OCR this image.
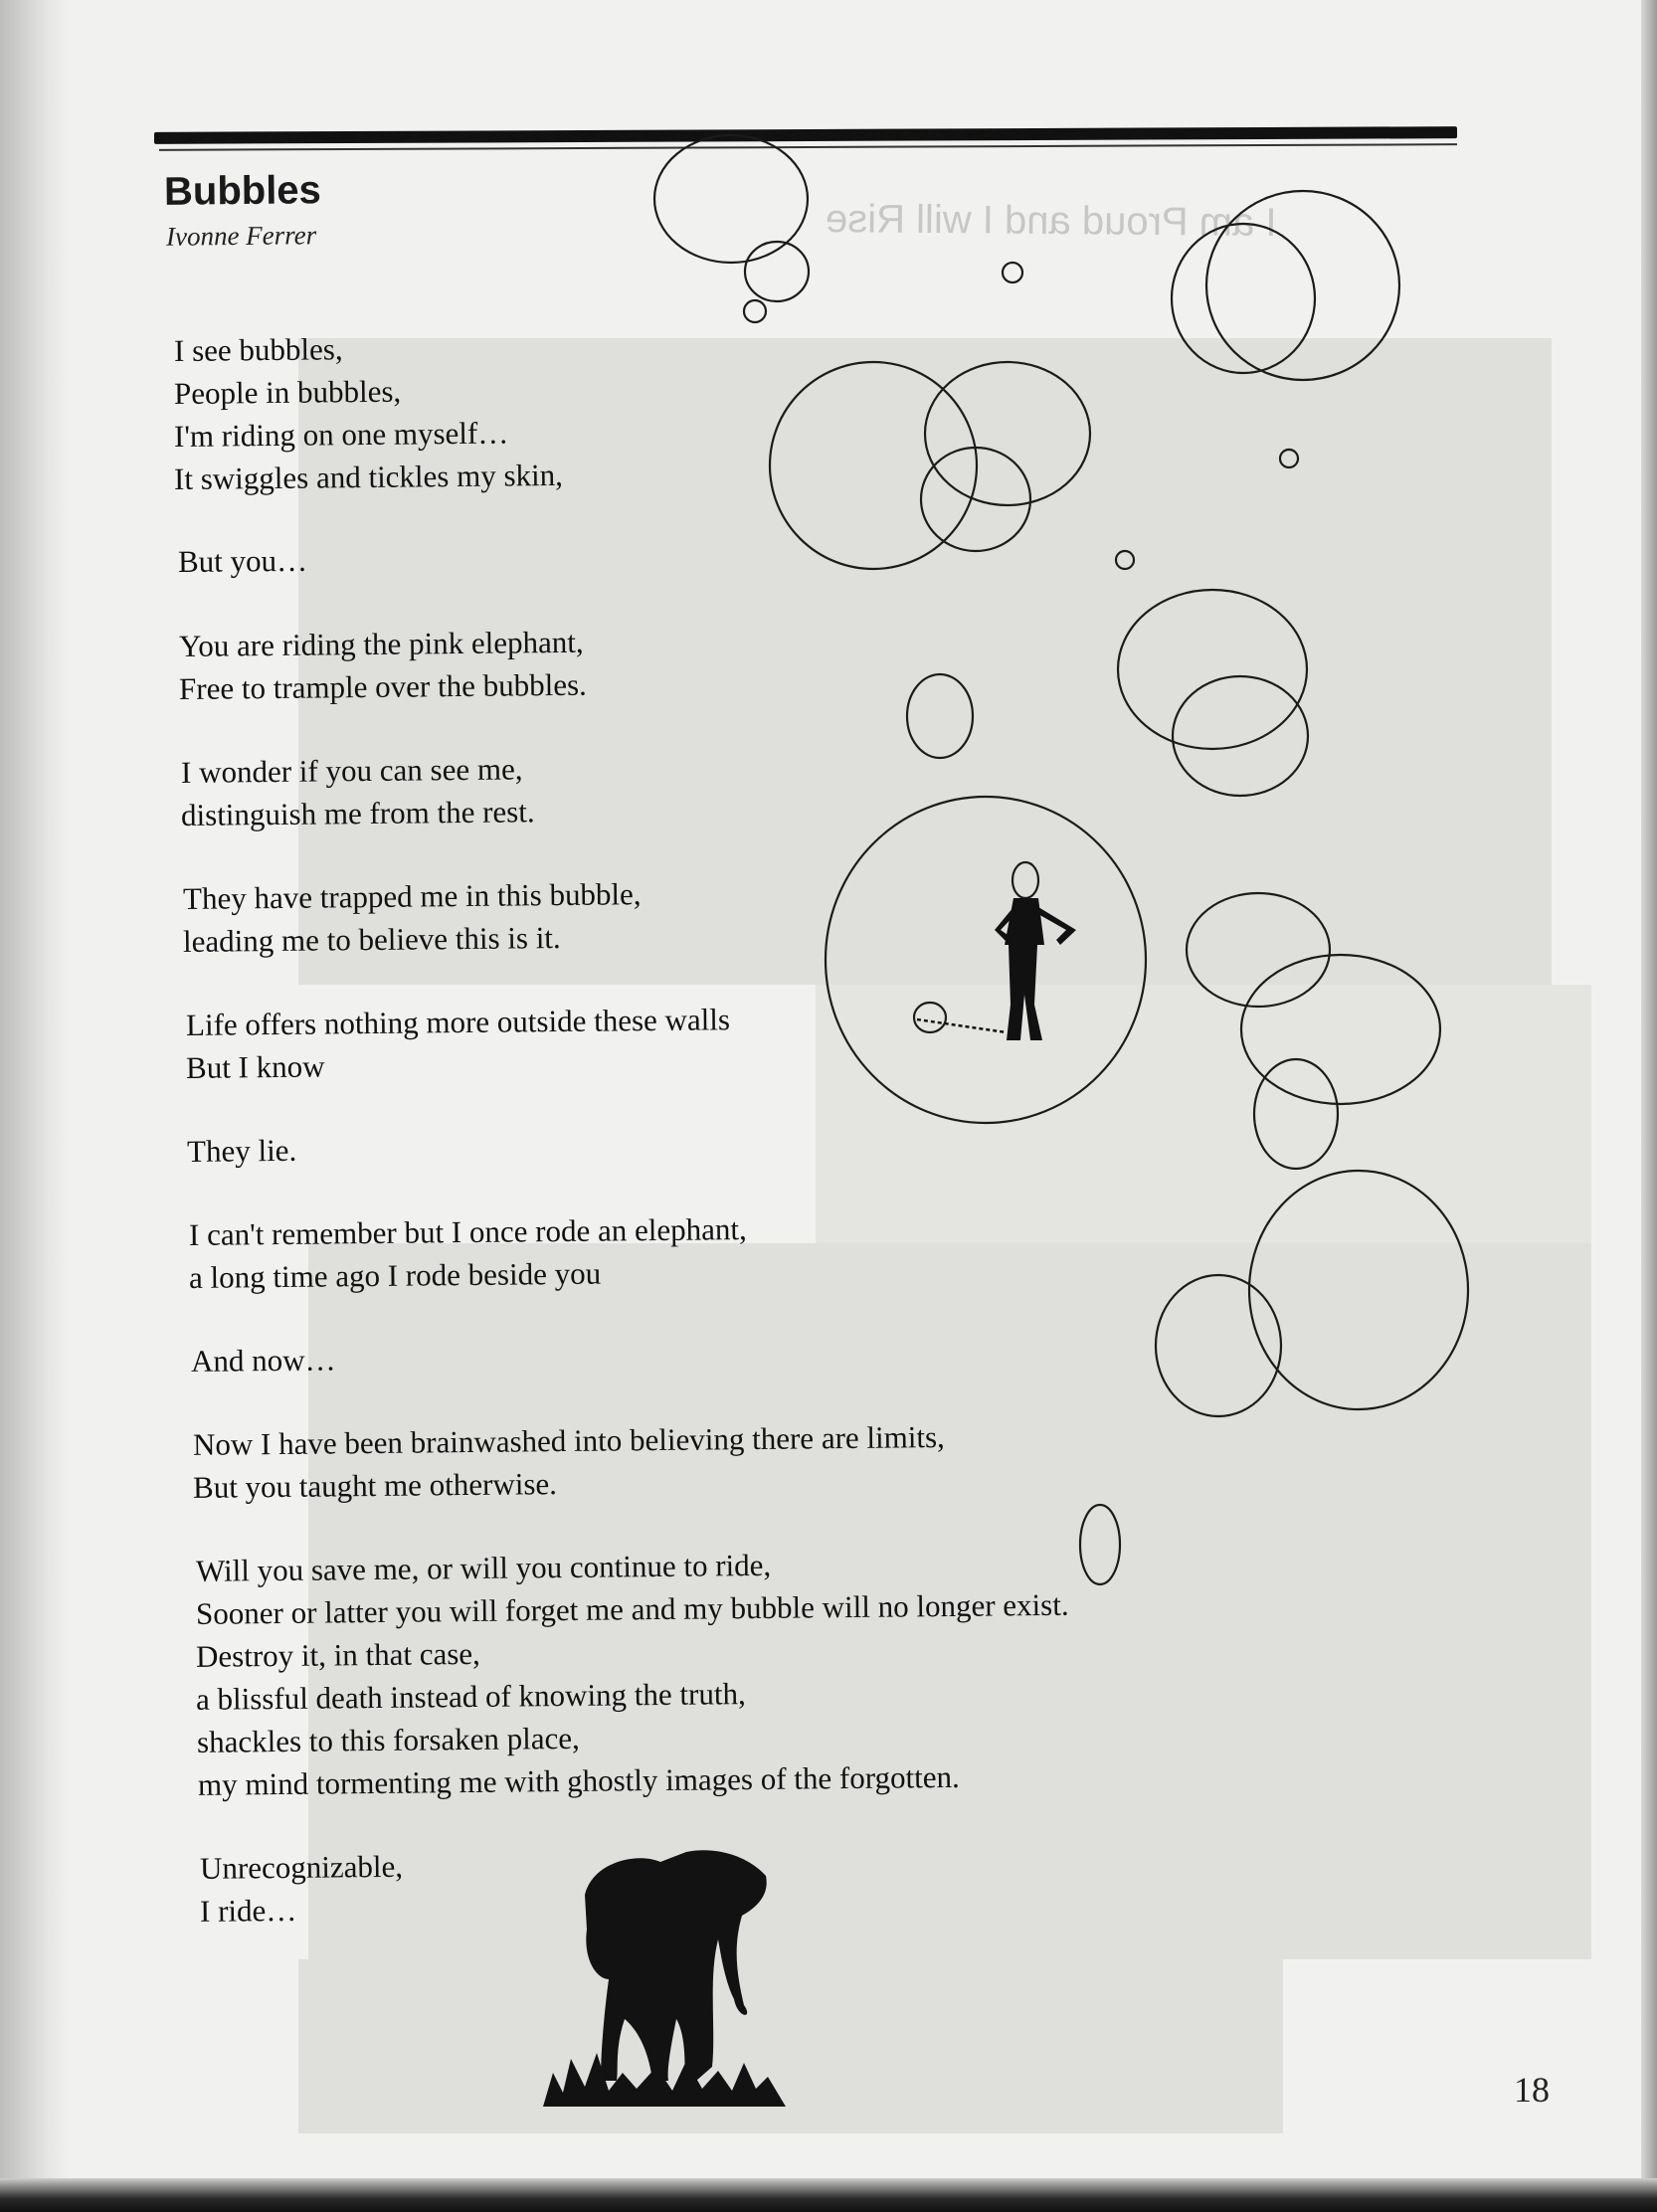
I am Proud and I will Rise
Bubbles
Ivonne Ferrer
I see bubbles,
People in bubbles,
I'm riding on one myself…
It swiggles and tickles my skin,
But you…
You are riding the pink elephant,
Free to trample over the bubbles.
I wonder if you can see me,
distinguish me from the rest.
They have trapped me in this bubble,
leading me to believe this is it.
Life offers nothing more outside these walls
But I know
They lie.
I can't remember but I once rode an elephant,
a long time ago I rode beside you
And now…
Now I have been brainwashed into believing there are limits,
But you taught me otherwise.
Will you save me, or will you continue to ride,
Sooner or latter you will forget me and my bubble will no longer exist.
Destroy it, in that case,
a blissful death instead of knowing the truth,
shackles to this forsaken place,
my mind tormenting me with ghostly images of the forgotten.
Unrecognizable,
I ride…
18
